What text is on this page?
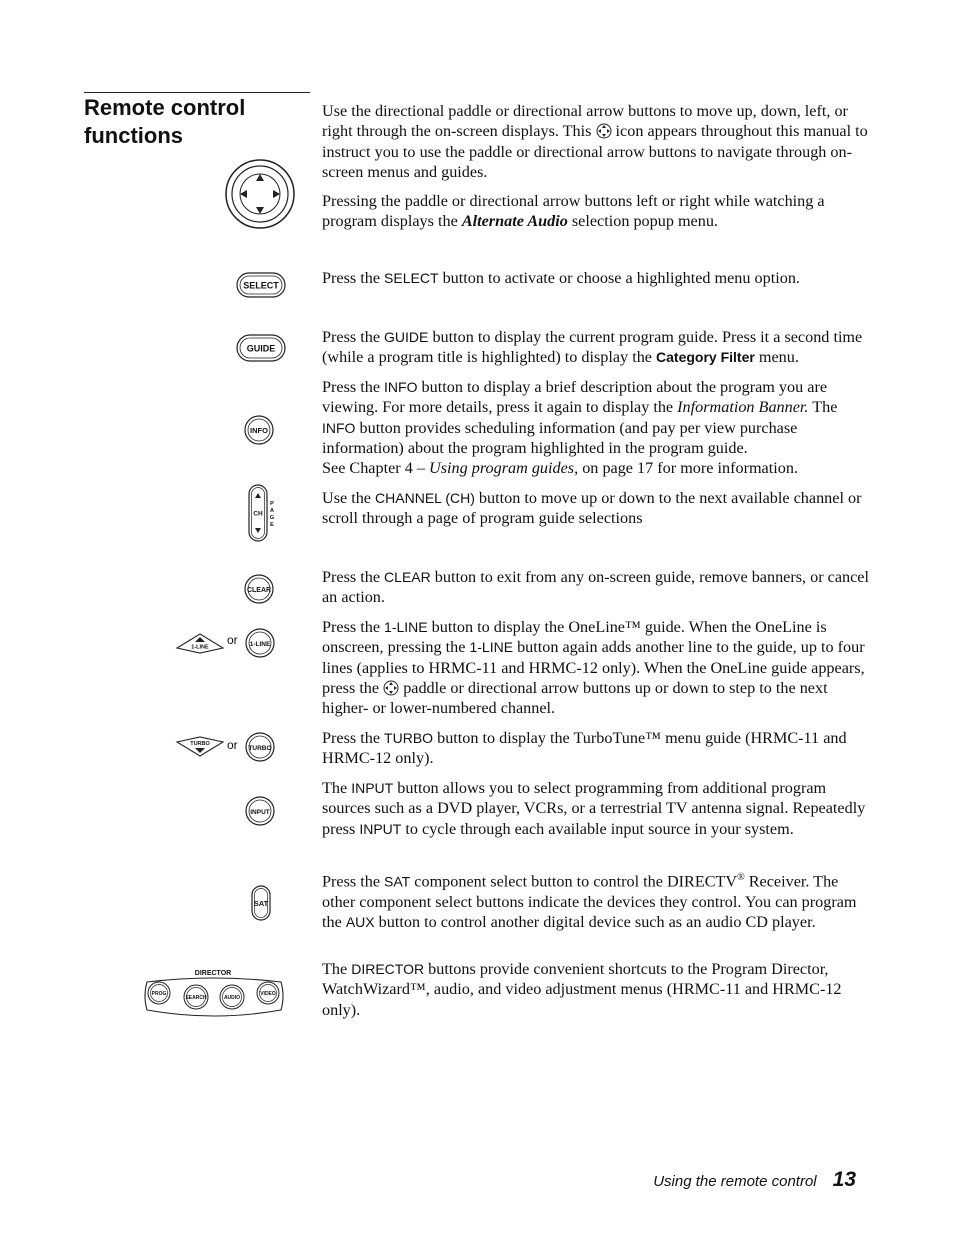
Remote control functions
SELECT
GUIDE
INFO
CH
P
A
G
E
CLEAR
1-LINE
or 1-LINE
TURBO or TURBO
INPUT
SAT
DIRECTOR
PROG
SEARCH	AUDIO
VIDEO

Use the directional paddle or directional arrow buttons to move up, down, left, or right through the on-screen displays. This
icon appears throughout this manual to instruct you to use the paddle or directional arrow buttons to navigate through on-screen menus and guides.

Pressing the paddle or directional arrow buttons left or right while watching a program displays the Alternate Audio selection popup menu.

Press the SELECT button to activate or choose a highlighted menu option.

Press the GUIDE button to display the current program guide. Press it a second time (while a program title is highlighted) to display the Category Filter menu.

Press the INFO button to display a brief description about the program you are viewing. For more details, press it again to display the Information Banner. The INFO button provides scheduling information (and pay per view purchase information) about the program highlighted in the program guide.
See Chapter 4 – Using program guides, on page 17 for more information.

Use the CHANNEL (CH) button to move up or down to the next available channel or scroll through a page of program guide selections

Press the CLEAR button to exit from any on-screen guide, remove banners, or cancel an action.

Press the 1-LINE button to display the OneLine™ guide. When the OneLine is onscreen, pressing the 1-LINE button again adds another line to the guide, up to four lines (applies to HRMC-11 and HRMC-12 only). When the OneLine guide appears, press the
paddle or directional arrow buttons up or down to step to the next higher- or lower-numbered channel.

Press the TURBO button to display the TurboTune™ menu guide (HRMC-11 and HRMC-12 only).

The INPUT button allows you to select programming from additional program sources such as a DVD player, VCRs, or a terrestrial TV antenna signal. Repeatedly press INPUT to cycle through each available input source in your system.

Press the SAT component select button to control the DIRECTV® Receiver. The other component select buttons indicate the devices they control. You can program the AUX button to control another digital device such as an audio CD player.

The DIRECTOR buttons provide convenient shortcuts to the Program Director, WatchWizard™, audio, and video adjustment menus (HRMC-11 and HRMC-12 only).

Using the remote control 13
